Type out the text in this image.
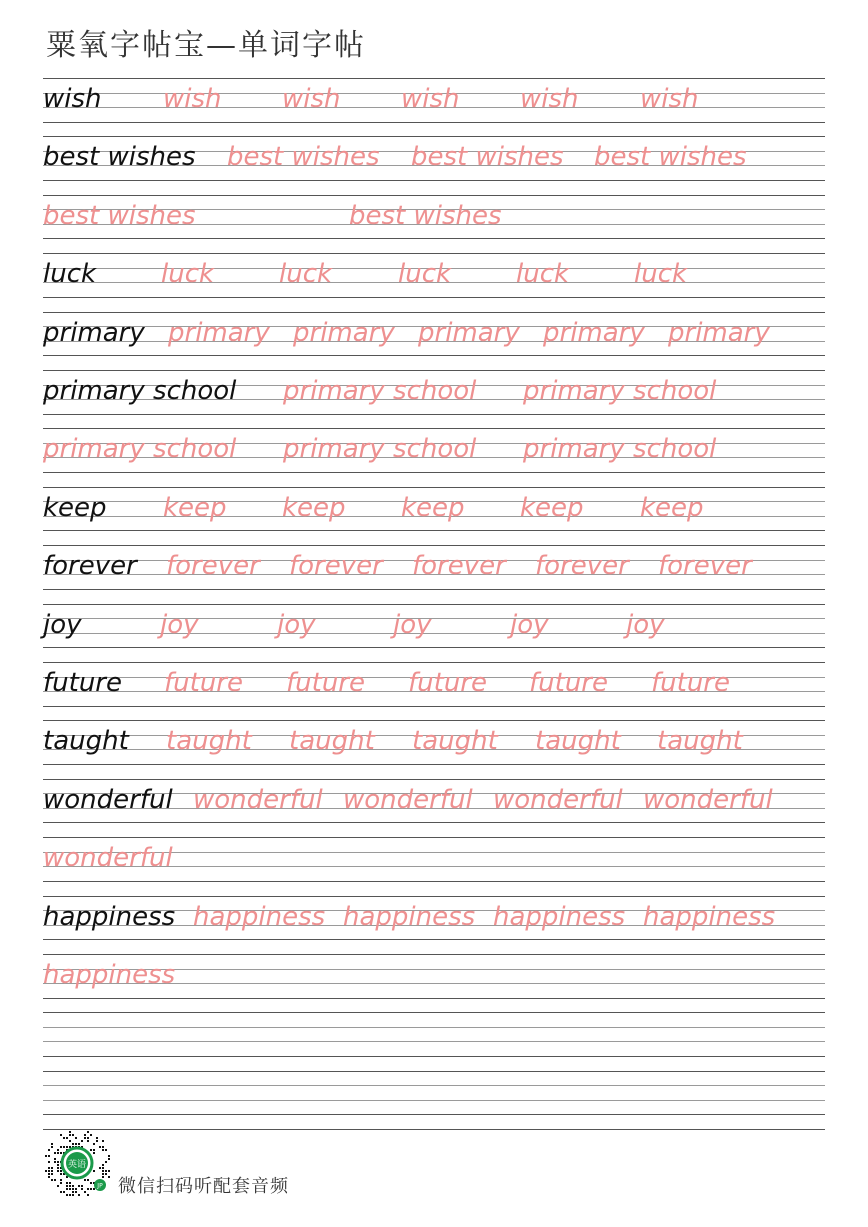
粟氧字帖宝—单词字帖
wish wish wish wish wish wish
best wishes best wishes best wishes best wishes
best wishes	best wishes
luck luck luck	luck luck luck
primary primary primary primary primary primary
primary school primary school primary school
primary school primary school primary school
keep keep keep keep keep keep
forever forever forever forever forever forever
joy	joy	joy	joy	joy	joy
future future future future future future
taught taught taught taught taught taught
wonderful wonderful wonderful wonderful wonderful
wonderful
happiness happiness happiness happiness happiness
happiness
英语
JP 微信扫码听配套音频
